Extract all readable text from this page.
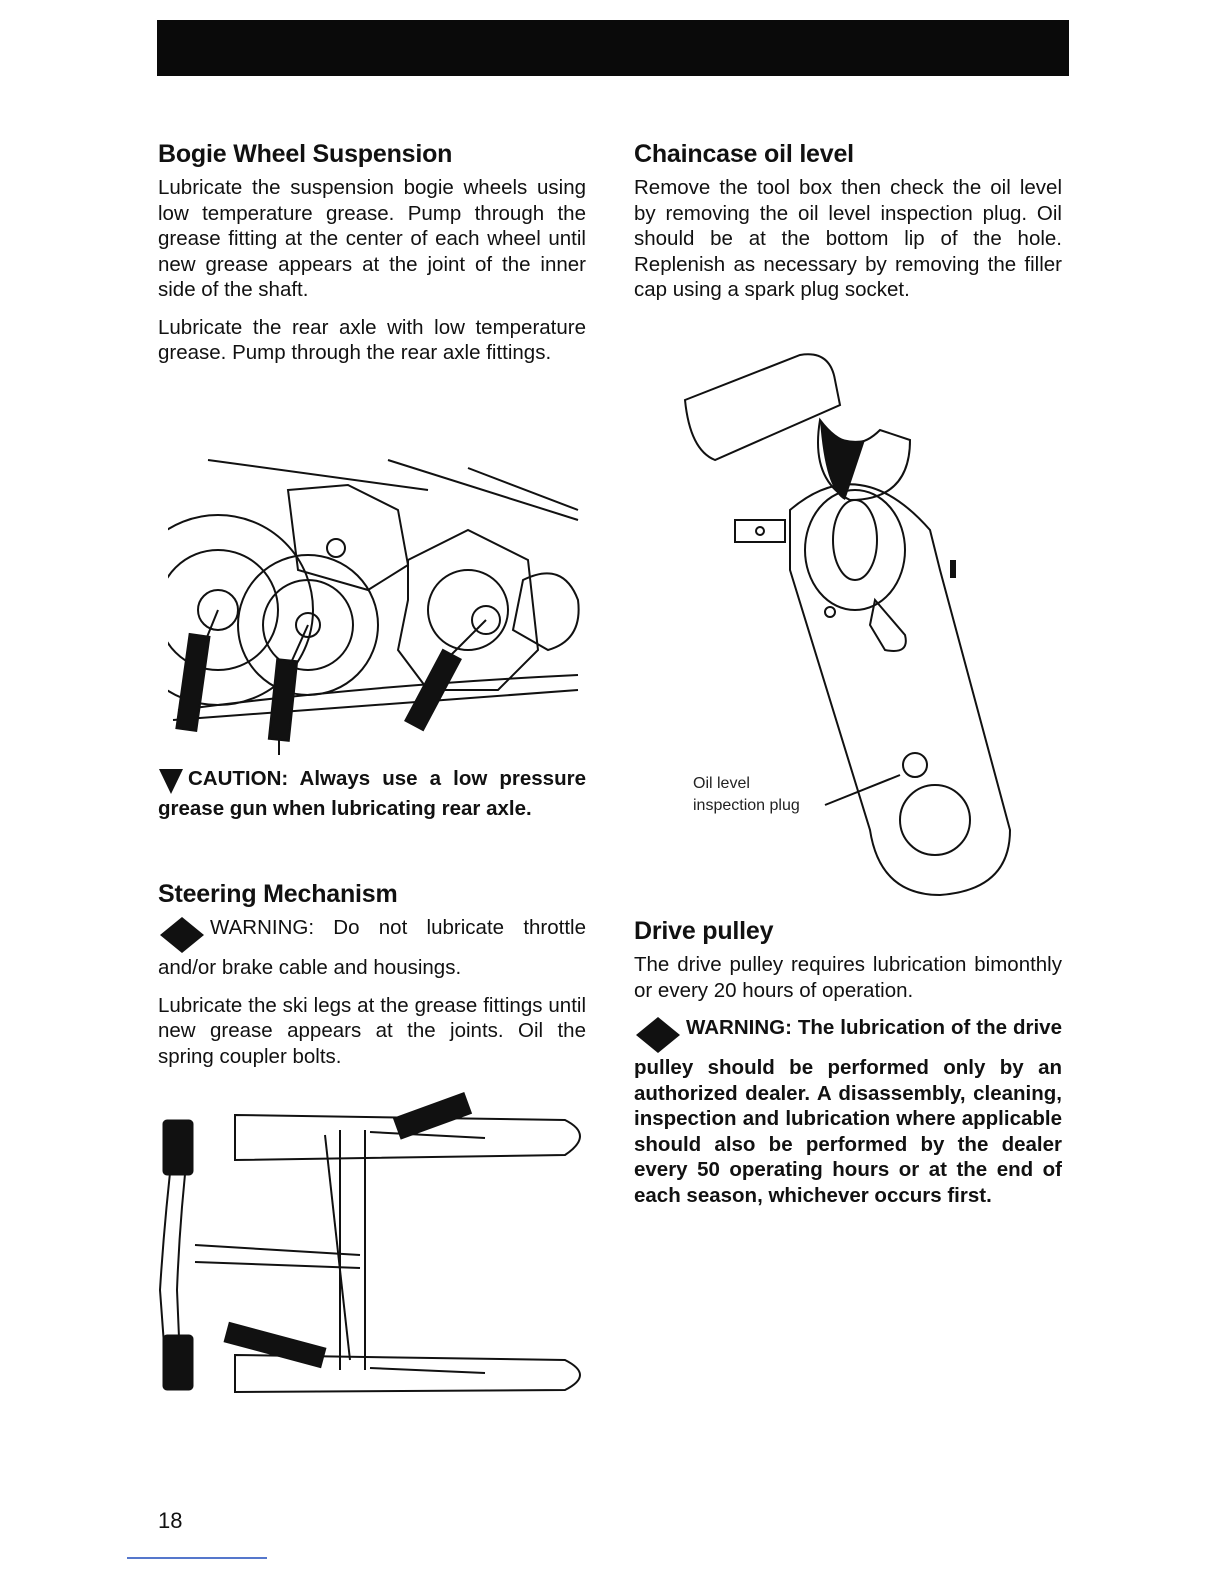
Bogie Wheel Suspension

Lubricate the suspension bogie wheels using low temperature grease. Pump through the grease fitting at the center of each wheel until new grease appears at the joint of the inner side of the shaft.

Lubricate the rear axle with low temperature grease. Pump through the rear axle fittings.

CAUTION: Always use a low pressure grease gun when lubricating rear axle.

Steering Mechanism

WARNING: Do not lubricate throttle and/or brake cable and housings.

Lubricate the ski legs at the grease fittings until new grease appears at the joints. Oil the spring coupler bolts.

Chaincase oil level

Remove the tool box then check the oil level by removing the oil level inspection plug. Oil should be at the bottom lip of the hole. Replenish as necessary by removing the filler cap using a spark plug socket.

Oil level
inspection plug
Drive pulley

The drive pulley requires lubrication bimonthly or every 20 hours of operation.

WARNING: The lubrication of the drive pulley should be performed only by an authorized dealer. A disassembly, cleaning, inspection and lubrication where applicable should also be performed by the dealer every 50 operating hours or at the end of each season, whichever occurs first.

18
